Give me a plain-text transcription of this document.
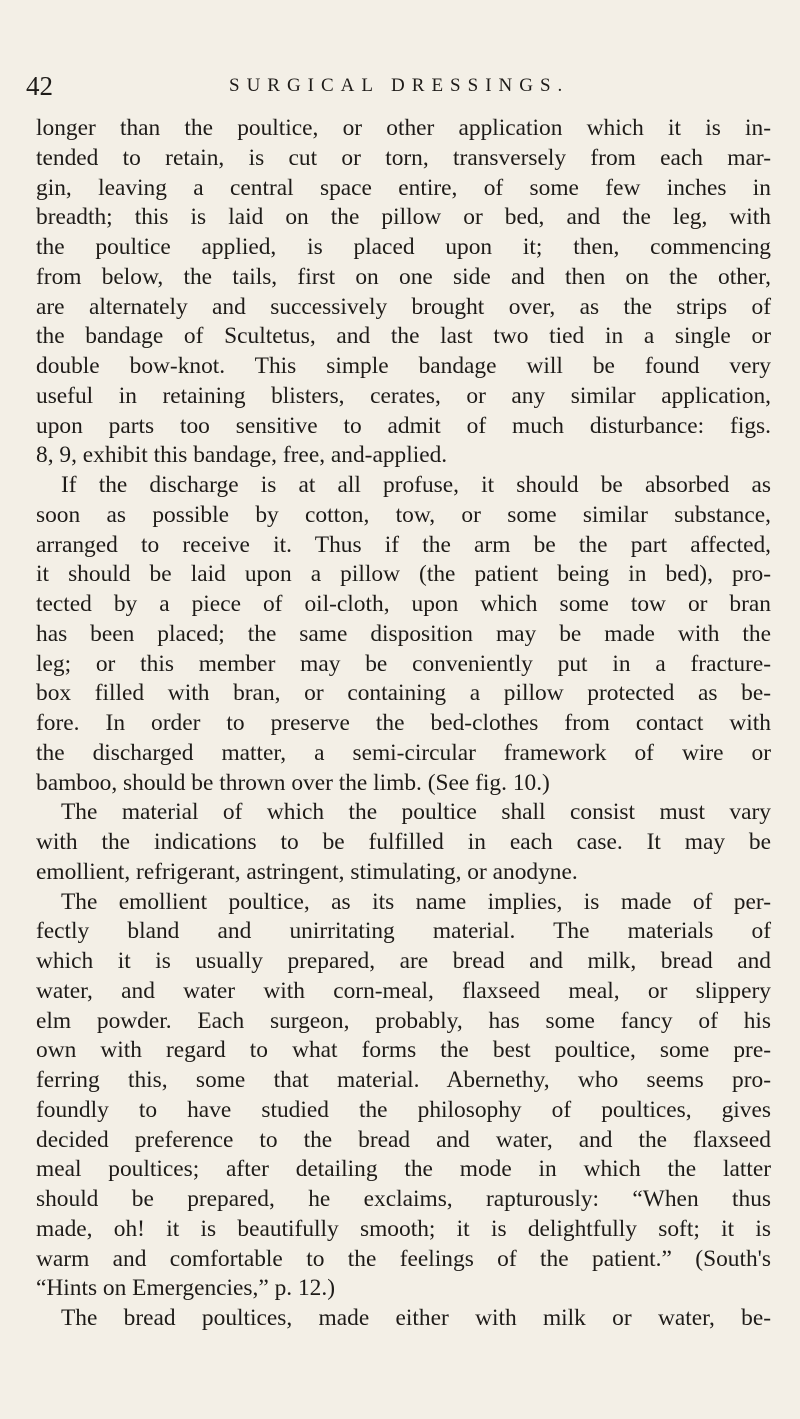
42	SURGICAL DRESSINGS.
longer than the poultice, or other application which it is in-
tended to retain, is cut or torn, transversely from each mar-
gin, leaving a central space entire, of some few inches in
breadth; this is laid on the pillow or bed, and the leg, with
the poultice applied, is placed upon it; then, commencing
from below, the tails, first on one side and then on the other,
are alternately and successively brought over, as the strips of
the bandage of Scultetus, and the last two tied in a single or
double bow-knot. This simple bandage will be found very
useful in retaining blisters, cerates, or any similar application,
upon parts too sensitive to admit of much disturbance: figs.
8, 9, exhibit this bandage, free, and-applied.
If the discharge is at all profuse, it should be absorbed as
soon as possible by cotton, tow, or some similar substance,
arranged to receive it. Thus if the arm be the part affected,
it should be laid upon a pillow (the patient being in bed), pro-
tected by a piece of oil-cloth, upon which some tow or bran
has been placed; the same disposition may be made with the
leg; or this member may be conveniently put in a fracture-
box filled with bran, or containing a pillow protected as be-
fore. In order to preserve the bed-clothes from contact with
the discharged matter, a semi-circular framework of wire or
bamboo, should be thrown over the limb. (See fig. 10.)
The material of which the poultice shall consist must vary
with the indications to be fulfilled in each case. It may be
emollient, refrigerant, astringent, stimulating, or anodyne.
The emollient poultice, as its name implies, is made of per-
fectly bland and unirritating material. The materials of
which it is usually prepared, are bread and milk, bread and
water, and water with corn-meal, flaxseed meal, or slippery
elm powder. Each surgeon, probably, has some fancy of his
own with regard to what forms the best poultice, some pre-
ferring this, some that material. Abernethy, who seems pro-
foundly to have studied the philosophy of poultices, gives
decided preference to the bread and water, and the flaxseed
meal poultices; after detailing the mode in which the latter
should be prepared, he exclaims, rapturously: “When thus
made, oh! it is beautifully smooth; it is delightfully soft; it is
warm and comfortable to the feelings of the patient.” (South's
“Hints on Emergencies,” p. 12.)
The bread poultices, made either with milk or water, be-
